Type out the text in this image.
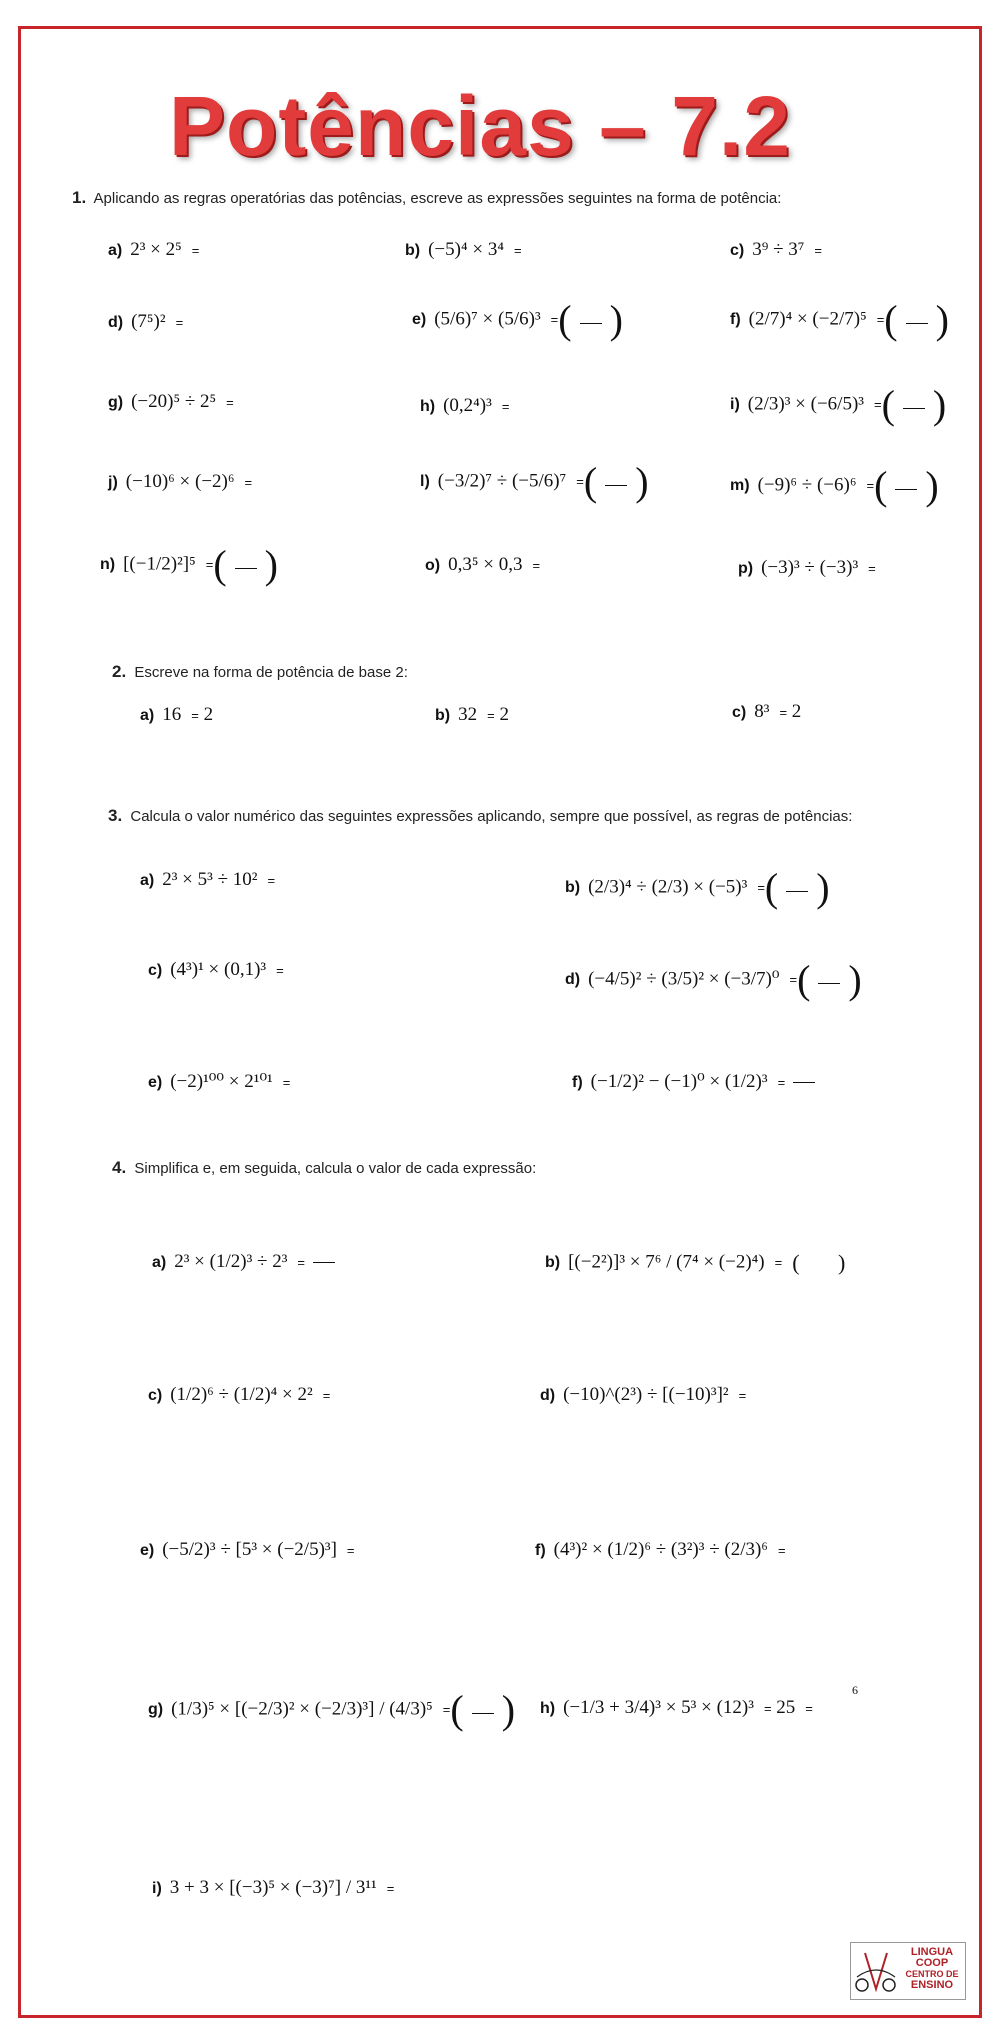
Potências – 7.2
1. Aplicando as regras operatórias das potências, escreve as expressões seguintes na forma de potência:
a) 2³ × 2⁵ =	b) (−5)⁴ × 3⁴ =	c) 3⁹ ÷ 3⁷ =
d) (7⁵)² =	e) (5/6)⁷ × (5/6)³ =( )	f) (2/7)⁴ × (−2/7)⁵ =( )
g) (−20)⁵ ÷ 2⁵ =	h) (0,2⁴)³ =	i) (2/3)³ × (−6/5)³ =( )
j) (−10)⁶ × (−2)⁶ =	l) (−3/2)⁷ ÷ (−5/6)⁷ =( )	m) (−9)⁶ ÷ (−6)⁶ =( )
n) [(−1/2)²]⁵ =( )	o) 0,3⁵ × 0,3 =	p) (−3)³ ÷ (−3)³ =
2. Escreve na forma de potência de base 2:
a) 16 = 2	b) 32 = 2	c) 8³ = 2
3. Calcula o valor numérico das seguintes expressões aplicando, sempre que possível, as regras de potências:
a) 2³ × 5³ ÷ 10² =	b) (2/3)⁴ ÷ (2/3) × (−5)³ =( )
c) (4³)¹ × (0,1)³ =
d) (−4/5)² ÷ (3/5)² × (−3/7)⁰ =( )
e) (−2)¹⁰⁰ × 2¹⁰¹ =	f) (−1/2)² − (−1)⁰ × (1/2)³ =
4. Simplifica e, em seguida, calcula o valor de cada expressão:
a) 2³ × (1/2)³ ÷ 2³ =	b) [(−2²)]³ × 7⁶ / (7⁴ × (−2)⁴) = (       )
c) (1/2)⁶ ÷ (1/2)⁴ × 2² =	d) (−10)^(2³) ÷ [(−10)³]² =
e) (−5/2)³ ÷ [5³ × (−2/5)³] =	f) (4³)² × (1/2)⁶ ÷ (3²)³ ÷ (2/3)⁶ =
g) (1/3)⁵ × [(−2/3)² × (−2/3)³] / (4/3)⁵ =( ) h) (−1/3 + 3/4)³ × 5³ × (12)³ = 25 =
6
i) 3 + 3 × [(−3)⁵ × (−3)⁷] / 3¹¹ =
LINGUA
COOP
CENTRO DE
ENSINO
